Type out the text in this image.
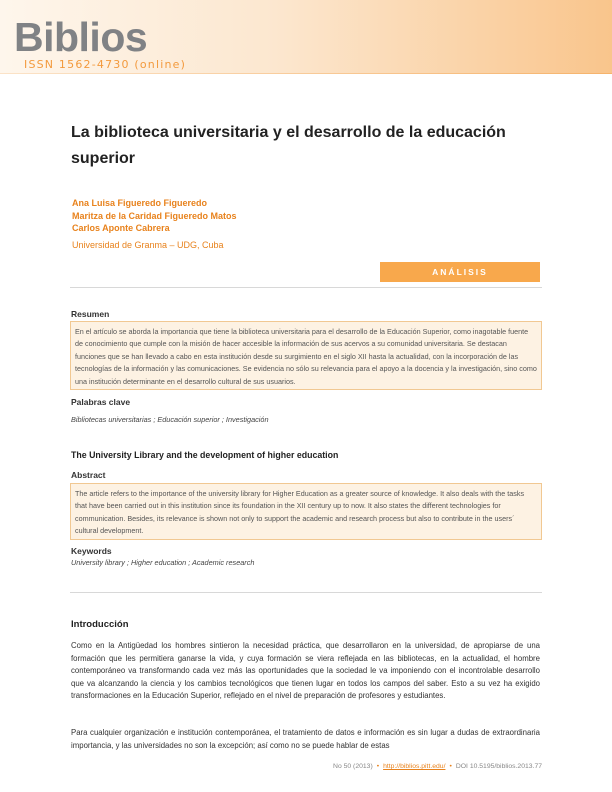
Biblios
ISSN 1562-4730 (online)
La biblioteca universitaria y el desarrollo de la educación superior
Ana Luisa Figueredo Figueredo
Maritza de la Caridad Figueredo Matos
Carlos Aponte Cabrera
Universidad de Granma – UDG, Cuba
ANÁLISIS
Resumen
En el artículo se aborda la importancia que tiene la biblioteca universitaria para el desarrollo de la Educación Superior, como inagotable fuente de conocimiento que cumple con la misión de hacer accesible la información de sus acervos a su comunidad universitaria. Se destacan funciones que se han llevado a cabo en esta institución desde su surgimiento en el siglo XII hasta la actualidad, con la incorporación de las tecnologías de la información y las comunicaciones. Se evidencia no sólo su relevancia para el apoyo a la docencia y la investigación, sino como una institución determinante en el desarrollo cultural de sus usuarios.
Palabras clave
Bibliotecas universitarias ; Educación superior ; Investigación
The University Library and the development of higher education
Abstract
The article refers to the importance of the university library for Higher Education as a greater source of knowledge. It also deals with the tasks that have been carried out in this institution since its foundation in the XII century up to now. It also states the different technologies for communication. Besides, its relevance is shown not only to support the academic and research process but also to contribute in the users´ cultural development.
Keywords
University library ; Higher education ; Academic research
Introducción
Como en la Antigüedad los hombres sintieron la necesidad práctica, que desarrollaron en la universidad, de apropiarse de una formación que les permitiera ganarse la vida, y cuya formación se viera reflejada en las bibliotecas, en la actualidad, el hombre contemporáneo va transformando cada vez más las oportunidades que la sociedad le va imponiendo con el incontrolable desarrollo que va alcanzando la ciencia y los cambios tecnológicos que tienen lugar en todos los campos del saber. Esto a su vez ha exigido transformaciones en la Educación Superior, reflejado en el nivel de preparación de profesores y estudiantes.
Para cualquier organización e institución contemporánea, el tratamiento de datos e información es sin lugar a dudas de extraordinaria importancia, y las universidades no son la excepción; así como no se puede hablar de estas
No 50 (2013) • http://biblios.pitt.edu/ • DOI 10.5195/biblios.2013.77
